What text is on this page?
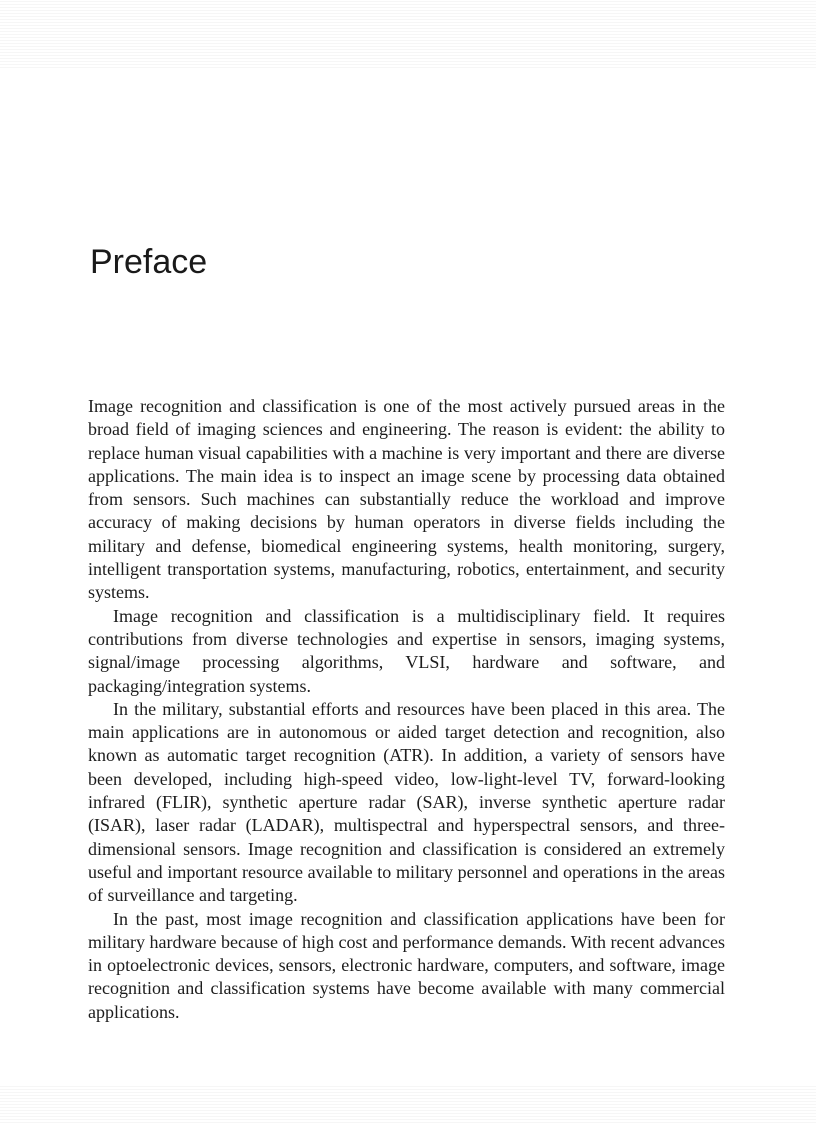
Preface

Image recognition and classification is one of the most actively pursued areas in the broad field of imaging sciences and engineering. The reason is evident: the ability to replace human visual capabilities with a machine is very important and there are diverse applications. The main idea is to inspect an image scene by processing data obtained from sensors. Such machines can substantially reduce the workload and improve accuracy of making decisions by human operators in diverse fields including the military and defense, biomedical engineering systems, health monitoring, surgery, intelligent transportation systems, manufacturing, robotics, entertainment, and security systems.

Image recognition and classification is a multidisciplinary field. It requires contributions from diverse technologies and expertise in sensors, imaging systems, signal/image processing algorithms, VLSI, hardware and software, and packaging/integration systems.

In the military, substantial efforts and resources have been placed in this area. The main applications are in autonomous or aided target detection and recognition, also known as automatic target recognition (ATR). In addition, a variety of sensors have been developed, including high-speed video, low-light-level TV, forward-looking infrared (FLIR), synthetic aperture radar (SAR), inverse synthetic aperture radar (ISAR), laser radar (LADAR), multispectral and hyperspectral sensors, and three-dimensional sensors. Image recognition and classification is considered an extremely useful and important resource available to military personnel and operations in the areas of surveillance and targeting.

In the past, most image recognition and classification applications have been for military hardware because of high cost and performance demands. With recent advances in optoelectronic devices, sensors, electronic hardware, computers, and software, image recognition and classification systems have become available with many commercial applications.
